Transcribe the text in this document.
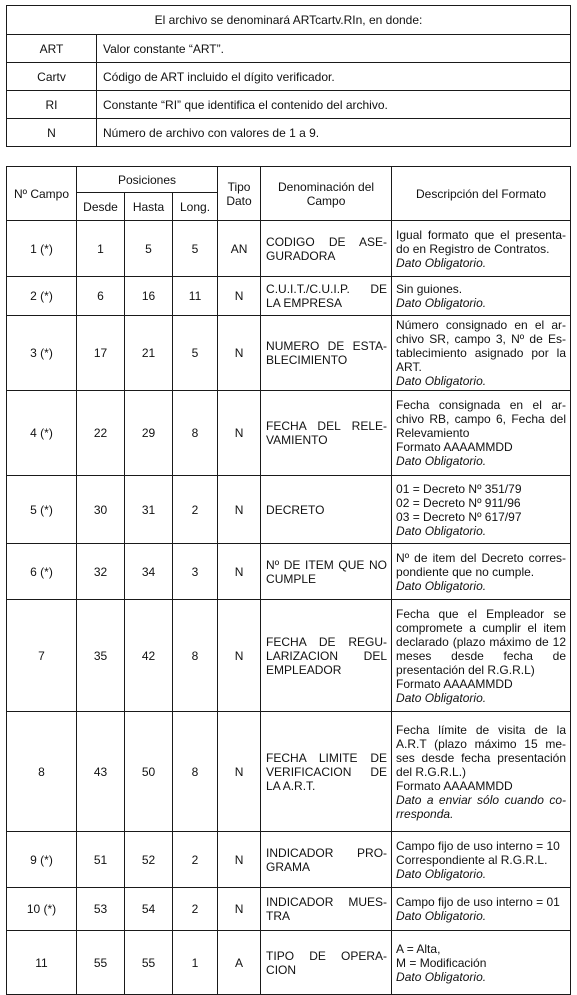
El archivo se denominará ARTcartv.RIn, en donde:	
ART	Valor constante “ART”.
Cartv	Código de ART incluido el dígito verificador.
RI	Constante “RI” que identifica el contenido del archivo.
N	Número de archivo con valores de 1 a 9.
Nº Campo	Posiciones			Tipo Dato	Denominación del Campo	Descripción del Formato
	Desde	Hasta	Long.			
1 (*)	1	5	5	AN	CODIGO DE ASE-GURADORA	Igual formato que el presenta-do en Registro de Contratos.
Dato Obligatorio.

2 (*)	6	16	11	N	C.U.I.T./C.U.I.P. DE LA EMPRESA	Sin guiones.
Dato Obligatorio.

3 (*)	17	21	5	N	NUMERO DE ESTA-BLECIMIENTO	Número consignado en el ar-chivo SR, campo 3, Nº de Es-tablecimiento asignado por la ART.
Dato Obligatorio.

4 (*)	22	29	8	N	FECHA DEL RELE-VAMIENTO	Fecha consignada en el ar-chivo RB, campo 6, Fecha del Relevamiento
Formato AAAAMMDD
Dato Obligatorio.

5 (*)	30	31	2	N	DECRETO	01 = Decreto Nº 351/79
02 = Decreto Nº 911/96
03 = Decreto Nº 617/97
Dato Obligatorio.

6 (*)	32	34	3	N	Nº DE ITEM QUE NO CUMPLE	Nº de item del Decreto corres-pondiente que no cumple.
Dato Obligatorio.

7	35	42	8	N	FECHA DE REGU-LARIZACION DEL EMPLEADOR	Fecha que el Empleador se compromete a cumplir el item declarado (plazo máximo de 12 meses desde fecha de presentación del R.G.R.L)
Formato AAAAMMDD
Dato Obligatorio.

8	43	50	8	N	FECHA LIMITE DE VERIFICACION DE LA A.R.T.	Fecha límite de visita de la A.R.T (plazo máximo 15 me-ses desde fecha presentación del R.G.R.L.)
Formato AAAAMMDD
Dato a enviar sólo cuando co-rresponda.

9 (*)	51	52	2	N	INDICADOR PRO-GRAMA	Campo fijo de uso interno = 10
Correspondiente al R.G.R.L.
Dato Obligatorio.

10 (*)	53	54	2	N	INDICADOR MUES-TRA	Campo fijo de uso interno = 01
Dato Obligatorio.

11	55	55	1	A	TIPO DE OPERA-CION	A = Alta,
M = Modificación
Dato Obligatorio.
